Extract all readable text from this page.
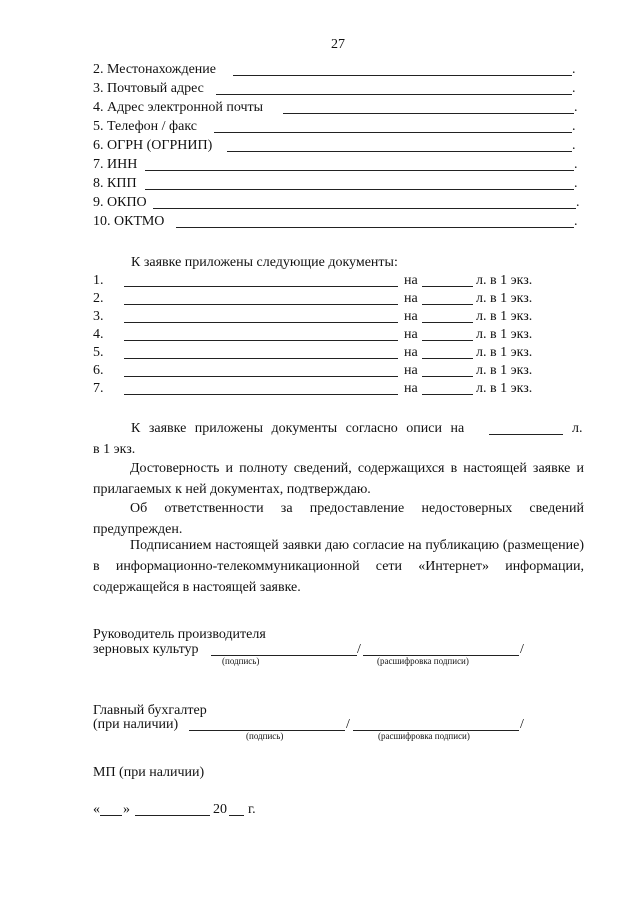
27
2. Местонахождение	.
3. Почтовый адрес	.
4. Адрес электронной почты	.
5. Телефон / факс	.
6. ОГРН (ОГРНИП)	.
7. ИНН	.
8. КПП	.
9. ОКПО	.
10. ОКТМО	.
К заявке приложены следующие документы:
1.	на	л. в 1 экз.
2.	на	л. в 1 экз.
3.	на	л. в 1 экз.
4.	на	л. в 1 экз.
5.	на	л. в 1 экз.
6.	на	л. в 1 экз.
7.	на	л. в 1 экз.
К заявке приложены документы согласно описи на	л.
в 1 экз.
Достоверность и полноту сведений, содержащихся в настоящей заявке и прилагаемых к ней документах, подтверждаю.
Об ответственности за предоставление недостоверных сведений предупрежден.
Подписанием настоящей заявки даю согласие на публикацию (размещение) в информационно-телекоммуникационной сети «Интернет» информации, содержащейся в настоящей заявке.
Руководитель производителя
зерновых культур	/	/
(подпись)	(расшифровка подписи)
Главный бухгалтер
(при наличии)	/	/
(подпись)	(расшифровка подписи)
МП (при наличии)
« »	20 г.
